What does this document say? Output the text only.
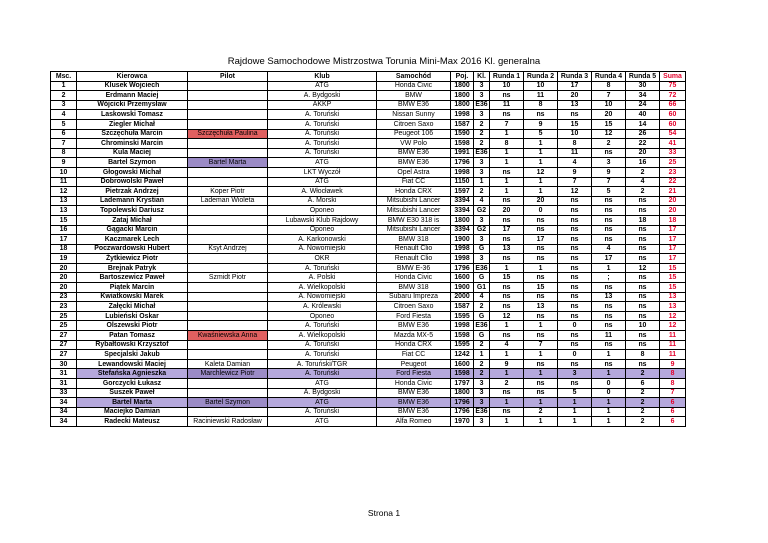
Rajdowe Samochodowe Mistrzostwa Torunia Mini-Max 2016 Kl. generalna
Msc.	Kierowca	Pilot	Klub	Samochód	Poj.	Kl.	Runda 1	Runda 2	Runda 3	Runda 4	Runda 5	Suma
1	Klusek Wojciech		ATG	Honda Civic	1800	3	10	10	17	8	30	75
2	Erdmann Maciej		A. Bydgoski	BMW	1800	3	ns	11	20	7	34	72
3	Wójcicki Przemysław		AKKP	BMW E36	1800	E36	11	8	13	10	24	66
4	Laskowski Tomasz		A. Toruński	Nissan Sunny	1998	3	ns	ns	ns	20	40	60
5	Ziegler Michał		A. Toruński	Citroen Saxo	1587	2	7	9	15	15	14	60
6	Szczęchuła Marcin	Szczęchuła Paulina	A. Toruński	Peugeot 106	1590	2	1	5	10	12	26	54
7	Chrominski Marcin		A. Toruński	VW Polo	1598	2	8	1	8	2	22	41
8	Kula Maciej		A. Toruński	BMW E36	1991	E36	1	1	11	ns	20	33
9	Bartel Szymon	Bartel Marta	ATG	BMW E36	1796	3	1	1	4	3	16	25
10	Głogowski Michał		LKT Wyczół	Opel Astra	1998	3	ns	12	9	9	2	23
11	Dobrowolski Paweł		ATG	Fiat CC	1150	1	1	1	7	7	4	22
12	Pietrzak Andrzej	Koper Piotr	A. Włocławek	Honda CRX	1597	2	1	1	12	5	2	21
13	Lademann Krystian	Lademan Wioleta	A. Morski	Mitsubishi Lancer	3394	4	ns	20	ns	ns	ns	20
13	Topolewski Dariusz		Oponeo	Mitsubishi Lancer	3394	G2	20	0	ns	ns	ns	20
15	Zataj Michał		Lubawski Klub Rajdowy	BMW E30 318 is	1800	3	ns	ns	ns	ns	18	18
16	Gągacki Marcin		Oponeo	Mitsubishi Lancer	3394	G2	17	ns	ns	ns	ns	17
17	Kaczmarek Lech		A. Karkonowski	BMW 318	1900	3	ns	17	ns	ns	ns	17
18	Poczwardowski Hubert	Ksyt Andrzej	A. Nowomiejski	Renault Clio	1998	G	13	ns	ns	4	ns	17
19	Żytkiewicz Piotr		OKR	Renault Clio	1998	3	ns	ns	ns	17	ns	17
20	Brejnak Patryk		A. Toruński	BMW E-36	1796	E36	1	1	ns	1	12	15
20	Bartoszewicz Paweł	Szmidt Piotr	A. Polski	Honda Civic	1600	G	15	ns	ns	;	ns	15
20	Piątek Marcin		A. Wielkopolski	BMW 318	1900	G1	ns	15	ns	ns	ns	15
23	Kwiatkowski Marek		A. Nowomiejski	Subaru Impreza	2000	4	ns	ns	ns	13	ns	13
23	Załęcki Michał		A. Królewski	Citroen Saxo	1587	2	ns	13	ns	ns	ns	13
25	Lubieński Oskar		Oponeo	Ford Fiesta	1595	G	12	ns	ns	ns	ns	12
25	Olszewski Piotr		A. Toruński	BMW E36	1998	E36	1	1	0	ns	10	12
27	Patan Tomasz	Kwaśniewska Anna	A. Wielkopolski	Mazda MX-5	1598	G	ns	ns	ns	11	ns	11
27	Rybałtowski Krzysztof		A. Toruński	Honda CRX	1595	2	4	7	ns	ns	ns	11
27	Specjalski Jakub		A. Toruński	Fiat CC	1242	1	1	1	0	1	8	11
30	Lewandowski Maciej	Kaleta Damian	A. Toruński/TGR	Peugeot	1600	2	9	ns	ns	ns	ns	9
31	Stefańska Agnieszka	Marchlewicz Piotr	A. Toruński	Ford Fiesta	1598	2	1	1	3	1	2	8
31	Gorczycki Łukasz		ATG	Honda Civic	1797	3	2	ns	ns	0	6	8
33	Suszek Paweł		A. Bydgoski	BMW E36	1800	3	ns	ns	5	0	2	7
34	Bartel Marta	Bartel Szymon	ATG	BMW E36	1796	3	1	1	1	1	2	6
34	Maciejko Damian		A. Toruński	BMW E36	1796	E36	ns	2	1	1	2	6
34	Radecki Mateusz	Raciniewski Radosław	ATG	Alfa Romeo	1970	3	1	1	1	1	2	6
Strona 1
